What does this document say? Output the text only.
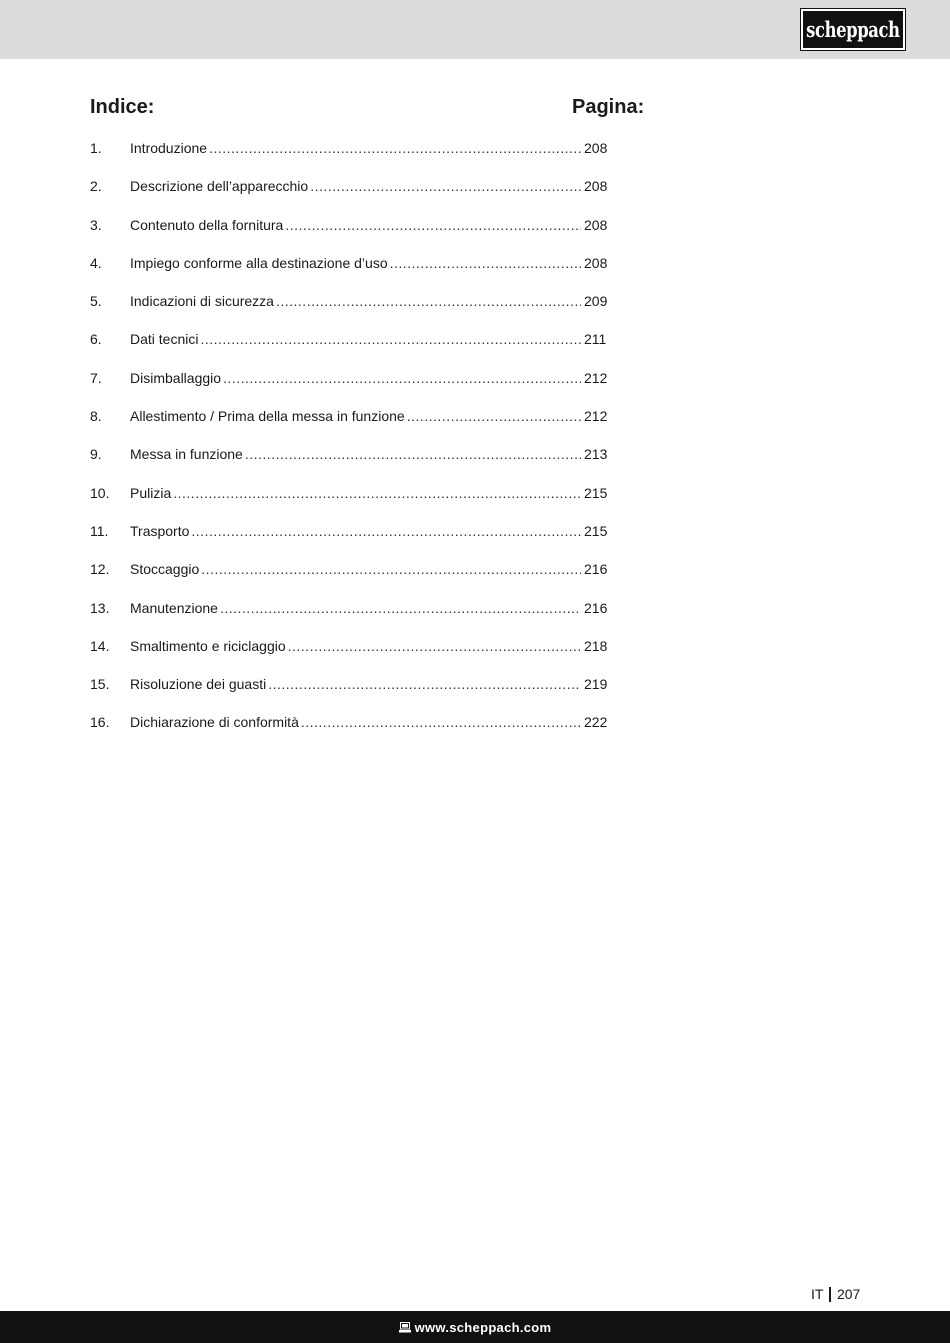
scheppach
Indice:	Pagina:
1.	Introduzione .....	208
2.	Descrizione dell’apparecchio .....	208
3.	Contenuto della fornitura .....	208
4.	Impiego conforme alla destinazione d’uso .....	208
5.	Indicazioni di sicurezza .....	209
6.	Dati tecnici .....	211
7.	Disimballaggio .....	212
8.	Allestimento / Prima della messa in funzione .....	212
9.	Messa in funzione .....	213
10.	Pulizia .....	215
11.	Trasporto .....	215
12.	Stoccaggio .....	216
13.	Manutenzione .....	216
14.	Smaltimento e riciclaggio .....	218
15.	Risoluzione dei guasti .....	219
16.	Dichiarazione di conformità .....	222
IT 207
www.scheppach.com
